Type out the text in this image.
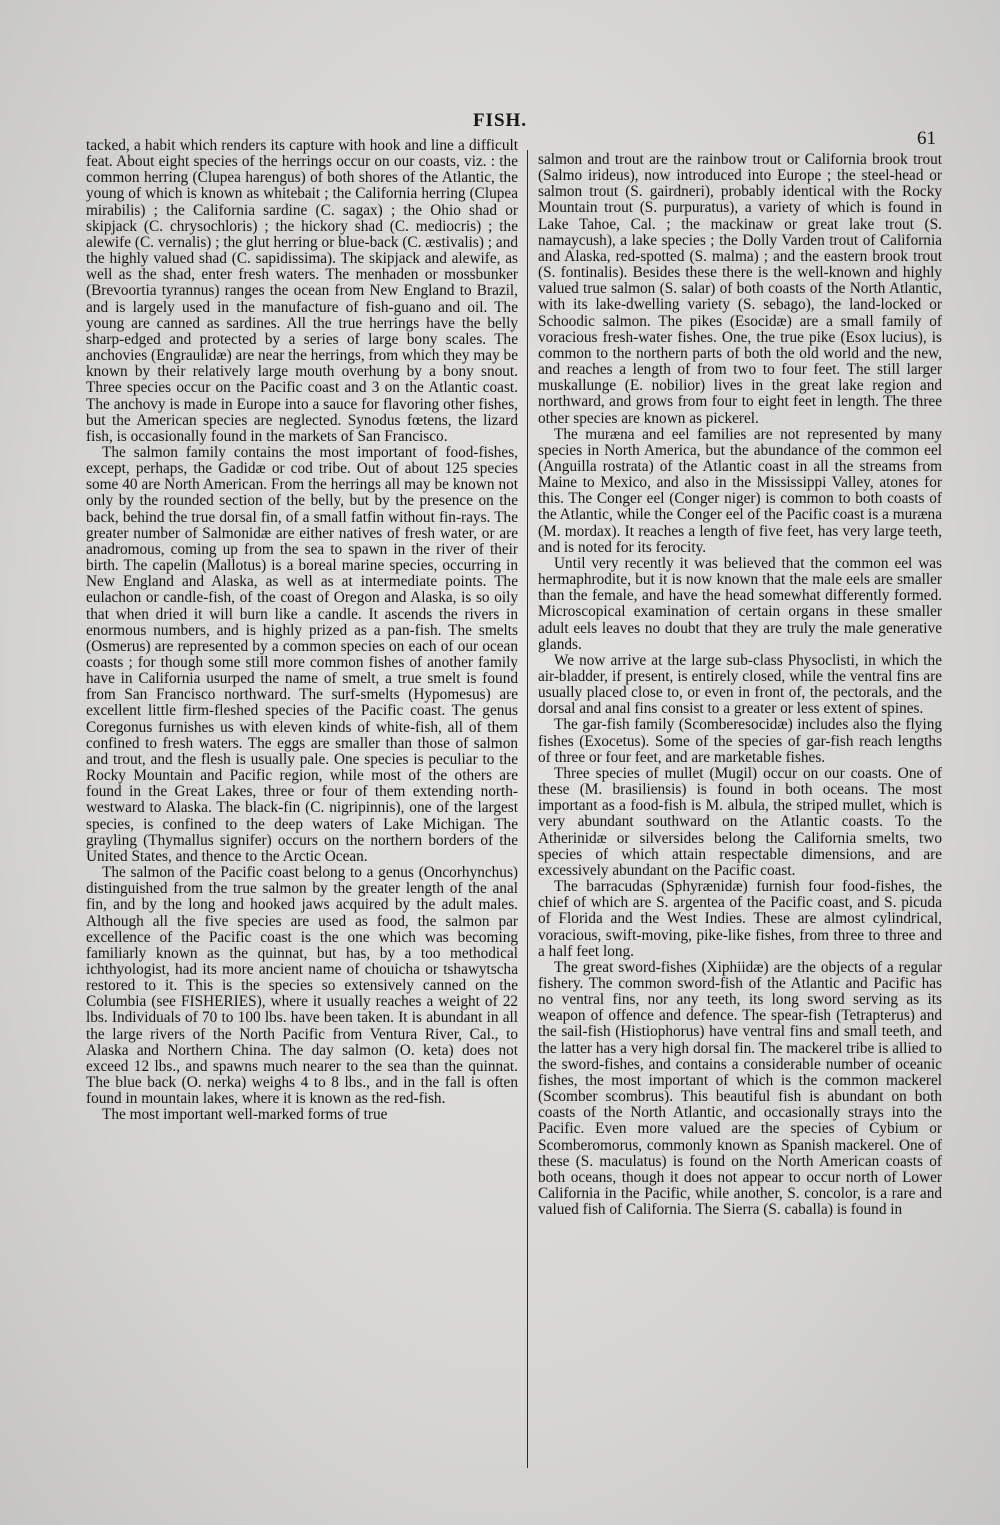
FISH.
61

tacked, a habit which renders its capture with hook and line a difficult feat. About eight species of the herrings occur on our coasts, viz. : the common herring (Clupea harengus) of both shores of the Atlantic, the young of which is known as whitebait ; the California herring (Clupea mirabilis) ; the California sardine (C. sagax) ; the Ohio shad or skipjack (C. chrysochloris) ; the hickory shad (C. mediocris) ; the alewife (C. vernalis) ; the glut herring or blue-back (C. æstivalis) ; and the highly valued shad (C. sapidissima). The skipjack and alewife, as well as the shad, enter fresh waters. The menhaden or mossbunker (Brevoortia tyrannus) ranges the ocean from New England to Brazil, and is largely used in the manufacture of fish-guano and oil. The young are canned as sardines. All the true herrings have the belly sharp-edged and protected by a series of large bony scales. The anchovies (Engraulidæ) are near the herrings, from which they may be known by their relatively large mouth overhung by a bony snout. Three species occur on the Pacific coast and 3 on the Atlantic coast. The anchovy is made in Europe into a sauce for flavoring other fishes, but the American species are neglected. Synodus fœtens, the lizard fish, is occasionally found in the markets of San Francisco.

The salmon family contains the most important of food-fishes, except, perhaps, the Gadidæ or cod tribe. Out of about 125 species some 40 are North American. From the herrings all may be known not only by the rounded section of the belly, but by the presence on the back, behind the true dorsal fin, of a small fatfin without fin-rays. The greater number of Salmonidæ are either natives of fresh water, or are anadromous, coming up from the sea to spawn in the river of their birth. The capelin (Mallotus) is a boreal marine species, occurring in New England and Alaska, as well as at intermediate points. The eulachon or candle-fish, of the coast of Oregon and Alaska, is so oily that when dried it will burn like a candle. It ascends the rivers in enormous numbers, and is highly prized as a pan-fish. The smelts (Osmerus) are represented by a common species on each of our ocean coasts ; for though some still more common fishes of another family have in California usurped the name of smelt, a true smelt is found from San Francisco northward. The surf-smelts (Hypomesus) are excellent little firm-fleshed species of the Pacific coast. The genus Coregonus furnishes us with eleven kinds of white-fish, all of them confined to fresh waters. The eggs are smaller than those of salmon and trout, and the flesh is usually pale. One species is peculiar to the Rocky Mountain and Pacific region, while most of the others are found in the Great Lakes, three or four of them extending north-westward to Alaska. The black-fin (C. nigripinnis), one of the largest species, is confined to the deep waters of Lake Michigan. The grayling (Thymallus signifer) occurs on the northern borders of the United States, and thence to the Arctic Ocean.

The salmon of the Pacific coast belong to a genus (Oncorhynchus) distinguished from the true salmon by the greater length of the anal fin, and by the long and hooked jaws acquired by the adult males. Although all the five species are used as food, the salmon par excellence of the Pacific coast is the one which was becoming familiarly known as the quinnat, but has, by a too methodical ichthyologist, had its more ancient name of chouicha or tshawytscha restored to it. This is the species so extensively canned on the Columbia (see FISHERIES), where it usually reaches a weight of 22 lbs. Individuals of 70 to 100 lbs. have been taken. It is abundant in all the large rivers of the North Pacific from Ventura River, Cal., to Alaska and Northern China. The day salmon (O. keta) does not exceed 12 lbs., and spawns much nearer to the sea than the quinnat. The blue back (O. nerka) weighs 4 to 8 lbs., and in the fall is often found in mountain lakes, where it is known as the red-fish.

The most important well-marked forms of true

salmon and trout are the rainbow trout or California brook trout (Salmo irideus), now introduced into Europe ; the steel-head or salmon trout (S. gairdneri), probably identical with the Rocky Mountain trout (S. purpuratus), a variety of which is found in Lake Tahoe, Cal. ; the mackinaw or great lake trout (S. namaycush), a lake species ; the Dolly Varden trout of California and Alaska, red-spotted (S. malma) ; and the eastern brook trout (S. fontinalis). Besides these there is the well-known and highly valued true salmon (S. salar) of both coasts of the North Atlantic, with its lake-dwelling variety (S. sebago), the land-locked or Schoodic salmon. The pikes (Esocidæ) are a small family of voracious fresh-water fishes. One, the true pike (Esox lucius), is common to the northern parts of both the old world and the new, and reaches a length of from two to four feet. The still larger muskallunge (E. nobilior) lives in the great lake region and northward, and grows from four to eight feet in length. The three other species are known as pickerel.

The murænа and eel families are not represented by many species in North America, but the abundance of the common eel (Anguilla rostrata) of the Atlantic coast in all the streams from Maine to Mexico, and also in the Mississippi Valley, atones for this. The Conger eel (Conger niger) is common to both coasts of the Atlantic, while the Conger eel of the Pacific coast is a muræna (M. mordax). It reaches a length of five feet, has very large teeth, and is noted for its ferocity.

Until very recently it was believed that the common eel was hermaphrodite, but it is now known that the male eels are smaller than the female, and have the head somewhat differently formed. Microscopical examination of certain organs in these smaller adult eels leaves no doubt that they are truly the male generative glands.

We now arrive at the large sub-class Physoclisti, in which the air-bladder, if present, is entirely closed, while the ventral fins are usually placed close to, or even in front of, the pectorals, and the dorsal and anal fins consist to a greater or less extent of spines.

The gar-fish family (Scomberesocidæ) includes also the flying fishes (Exocetus). Some of the species of gar-fish reach lengths of three or four feet, and are marketable fishes.

Three species of mullet (Mugil) occur on our coasts. One of these (M. brasiliensis) is found in both oceans. The most important as a food-fish is M. albula, the striped mullet, which is very abundant southward on the Atlantic coasts. To the Atherinidæ or silversides belong the California smelts, two species of which attain respectable dimensions, and are excessively abundant on the Pacific coast.

The barracudas (Sphyrænidæ) furnish four food-fishes, the chief of which are S. argentea of the Pacific coast, and S. picuda of Florida and the West Indies. These are almost cylindrical, voracious, swift-moving, pike-like fishes, from three to three and a half feet long.

The great sword-fishes (Xiphiidæ) are the objects of a regular fishery. The common sword-fish of the Atlantic and Pacific has no ventral fins, nor any teeth, its long sword serving as its weapon of offence and defence. The spear-fish (Tetrapterus) and the sail-fish (Histiophorus) have ventral fins and small teeth, and the latter has a very high dorsal fin. The mackerel tribe is allied to the sword-fishes, and contains a considerable number of oceanic fishes, the most important of which is the common mackerel (Scomber scombrus). This beautiful fish is abundant on both coasts of the North Atlantic, and occasionally strays into the Pacific. Even more valued are the species of Cybium or Scomberomorus, commonly known as Spanish mackerel. One of these (S. maculatus) is found on the North American coasts of both oceans, though it does not appear to occur north of Lower California in the Pacific, while another, S. concolor, is a rare and valued fish of California. The Sierra (S. caballa) is found in
